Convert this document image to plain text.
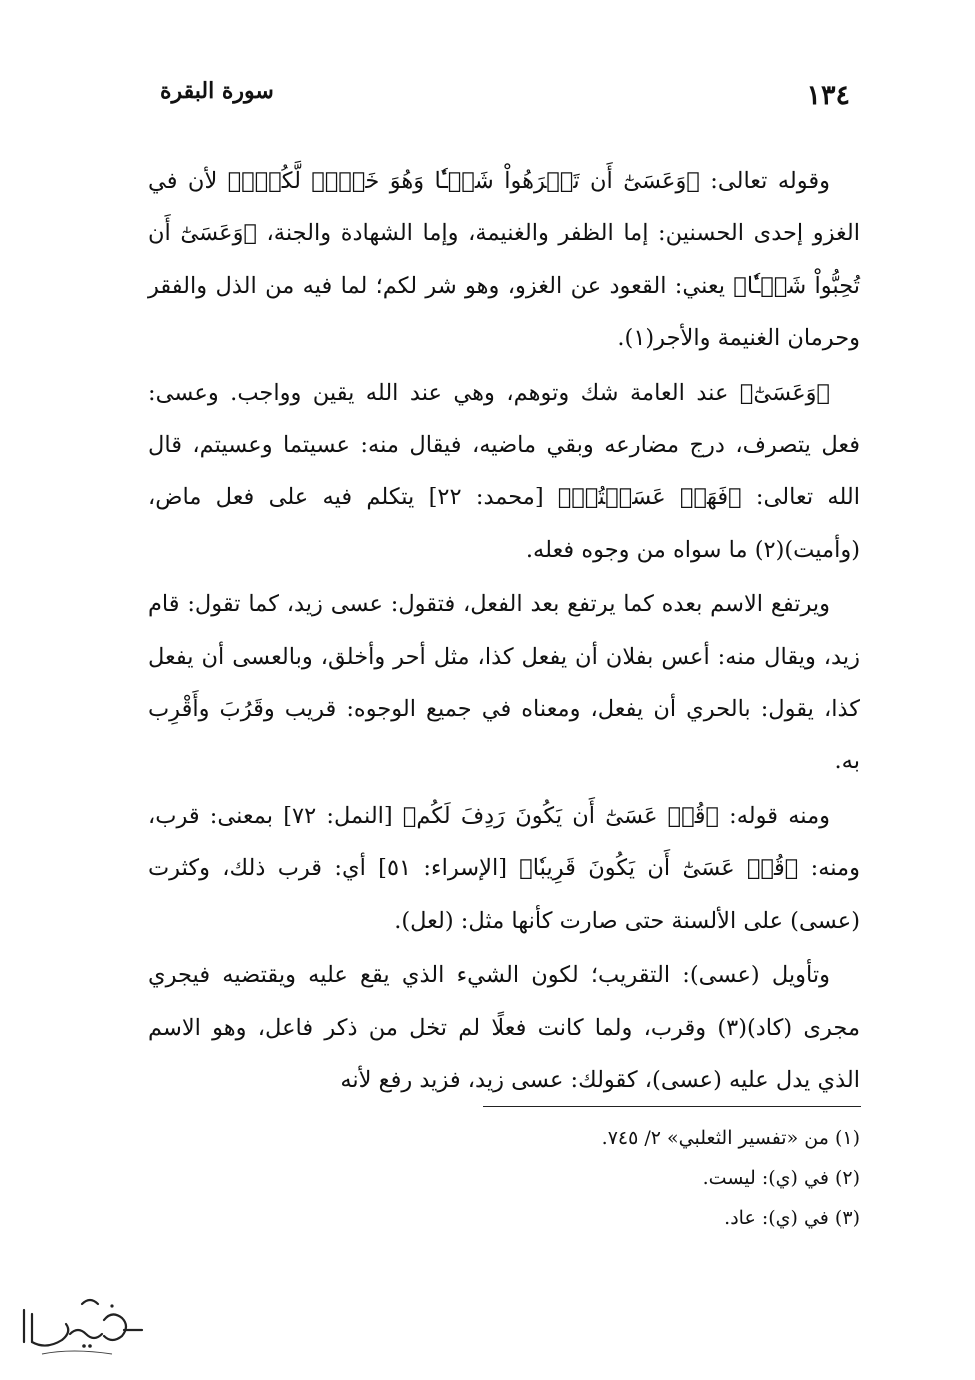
١٣٤
سورة البقرة

وقوله تعالى: ﴿وَعَسَىٰٓ أَن تَكۡرَهُواْ شَيۡـٔٗا وَهُوَ خَيۡرٞ لَّكُمۡۖ﴾ لأن في الغزو إحدى الحسنين: إما الظفر والغنيمة، وإما الشهادة والجنة، ﴿وَعَسَىٰٓ أَن تُحِبُّواْ شَيۡـٔٗا﴾ يعني: القعود عن الغزو، وهو شر لكم؛ لما فيه من الذل والفقر وحرمان الغنيمة والأجر(١).

﴿وَعَسَىٰٓ﴾ عند العامة شك وتوهم، وهي عند الله يقين وواجب. وعسى: فعل يتصرف، درج مضارعه وبقي ماضيه، فيقال منه: عسيتما وعسيتم، قال الله تعالى: ﴿فَهَلۡ عَسَيۡتُمۡ﴾ [محمد: ٢٢] يتكلم فيه على فعل ماض، (وأميت)(٢) ما سواه من وجوه فعله.

ويرتفع الاسم بعده كما يرتفع بعد الفعل، فتقول: عسى زيد، كما تقول: قام زيد، ويقال منه: أعس بفلان أن يفعل كذا، مثل أحر وأخلق، وبالعسى أن يفعل كذا، يقول: بالحري أن يفعل، ومعناه في جميع الوجوه: قريب وقَرُبَ وأَقْرِب به.

ومنه قوله: ﴿قُلۡ عَسَىٰٓ أَن يَكُونَ رَدِفَ لَكُم﴾ [النمل: ٧٢] بمعنى: قرب، ومنه: ﴿قُلۡ عَسَىٰٓ أَن يَكُونَ قَرِيبٗا﴾ [الإسراء: ٥١] أي: قرب ذلك، وكثرت (عسى) على الألسنة حتى صارت كأنها مثل: (لعل).

وتأويل (عسى): التقريب؛ لكون الشيء الذي يقع عليه ويقتضيه فيجري مجرى (كاد)(٣) وقرب، ولما كانت فعلًا لم تخل من ذكر فاعل، وهو الاسم الذي يدل عليه (عسى)، كقولك: عسى زيد، فزيد رفع لأنه

(١) من «تفسير الثعلبي» ٢/ ٧٤٥.
(٢) في (ي): ليست.
(٣) في (ي): عاد.
